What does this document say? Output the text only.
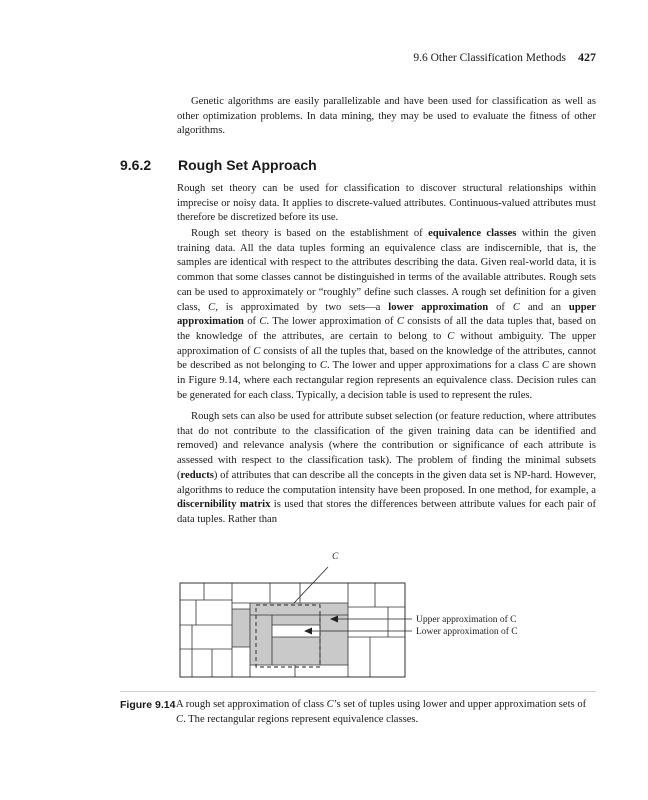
9.6 Other Classification Methods 427

Genetic algorithms are easily parallelizable and have been used for classification as well as other optimization problems. In data mining, they may be used to evaluate the fitness of other algorithms.

9.6.2 Rough Set Approach

Rough set theory can be used for classification to discover structural relationships within imprecise or noisy data. It applies to discrete-valued attributes. Continuous-valued attributes must therefore be discretized before its use.

Rough set theory is based on the establishment of equivalence classes within the given training data. All the data tuples forming an equivalence class are indiscernible, that is, the samples are identical with respect to the attributes describing the data. Given real-world data, it is common that some classes cannot be distinguished in terms of the available attributes. Rough sets can be used to approximately or “roughly” define such classes. A rough set definition for a given class, C, is approximated by two sets—a lower approximation of C and an upper approximation of C. The lower approximation of C consists of all the data tuples that, based on the knowledge of the attributes, are certain to belong to C without ambiguity. The upper approximation of C consists of all the tuples that, based on the knowledge of the attributes, cannot be described as not belonging to C. The lower and upper approximations for a class C are shown in Figure 9.14, where each rectangular region represents an equivalence class. Decision rules can be generated for each class. Typically, a decision table is used to represent the rules.

Rough sets can also be used for attribute subset selection (or feature reduction, where attributes that do not contribute to the classification of the given training data can be identified and removed) and relevance analysis (where the contribution or significance of each attribute is assessed with respect to the classification task). The problem of finding the minimal subsets (reducts) of attributes that can describe all the concepts in the given data set is NP-hard. However, algorithms to reduce the computation intensity have been proposed. In one method, for example, a discernibility matrix is used that stores the differences between attribute values for each pair of data tuples. Rather than

C
Upper approximation of C
Lower approximation of C
Figure 9.14 A rough set approximation of class C’s set of tuples using lower and upper approximation sets of C. The rectangular regions represent equivalence classes.
